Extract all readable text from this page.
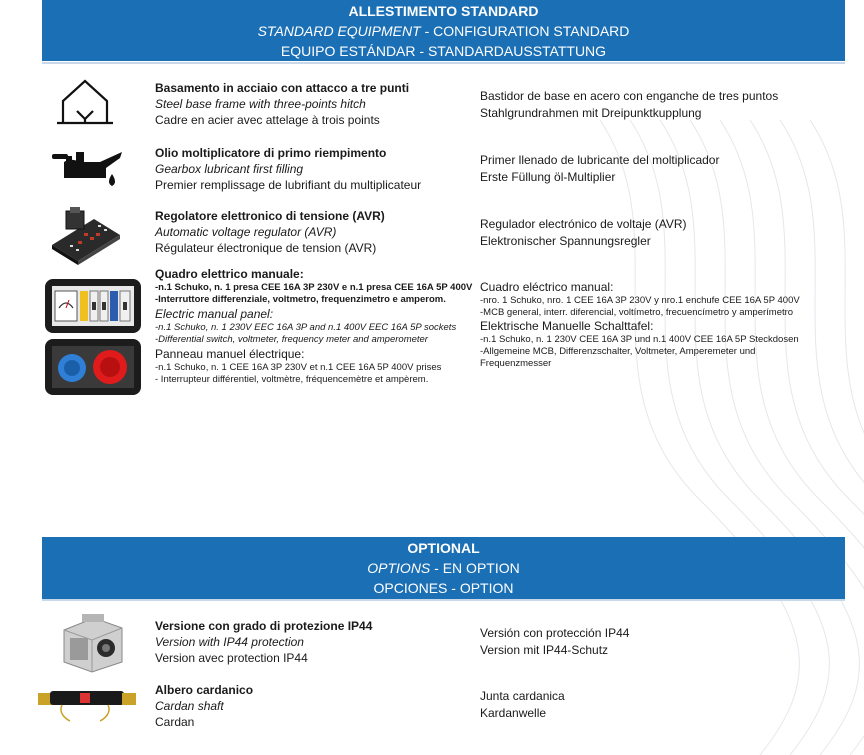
ALLESTIMENTO STANDARD
STANDARD EQUIPMENT - CONFIGURATION STANDARD
EQUIPO ESTÁNDAR - STANDARDAUSSTATTUNG
Basamento in acciaio con attacco a tre punti
Steel base frame with three-points hitch
Cadre en acier avec attelage à trois points
Bastidor de base en acero con enganche de tres puntos
Stahlgrundrahmen mit Dreipunktkupplung
Olio moltiplicatore di primo riempimento
Gearbox lubricant first filling
Premier remplissage de lubrifiant du multiplicateur
Primer llenado de lubricante del moltiplicador
Erste Füllung öl-Multiplier
Regolatore elettronico di tensione (AVR)
Automatic voltage regulator (AVR)
Régulateur électronique de tension (AVR)
Regulador electrónico de voltaje (AVR)
Elektronischer Spannungsregler
Quadro elettrico manuale:
-n.1 Schuko, n. 1 presa CEE 16A 3P 230V e n.1 presa CEE 16A 5P 400V
-Interruttore differenziale, voltmetro, frequenzimetro e amperom.
Electric manual panel:
-n.1 Schuko, n. 1 230V EEC 16A 3P and n.1 400V EEC 16A 5P sockets
-Differential switch, voltmeter, frequency meter and amperometer
Panneau manuel électrique:
-n.1 Schuko, n. 1 CEE 16A 3P 230V et n.1 CEE 16A 5P 400V prises
- Interrupteur différentiel, voltmètre, fréquencemètre et ampèrem.
Cuadro eléctrico manual:
-nro. 1 Schuko, nro. 1 CEE 16A 3P 230V y nro.1 enchufe CEE 16A 5P 400V
-MCB general, interr. diferencial, voltímetro, frecuencímetro y amperímetro
Elektrische Manuelle Schalttafel:
-n.1 Schuko, n. 1 230V CEE 16A 3P und n.1 400V CEE 16A 5P Steckdosen
-Allgemeine MCB, Differenzschalter, Voltmeter, Amperemeter und
Frequenzmesser
OPTIONAL
OPTIONS - EN OPTION
OPCIONES - OPTION
Versione con grado di protezione IP44
Version with IP44 protection
Version avec protection IP44
Versión con protección IP44
Version mit IP44-Schutz
Albero cardanico
Cardan shaft
Cardan
Junta cardanica
Kardanwelle
